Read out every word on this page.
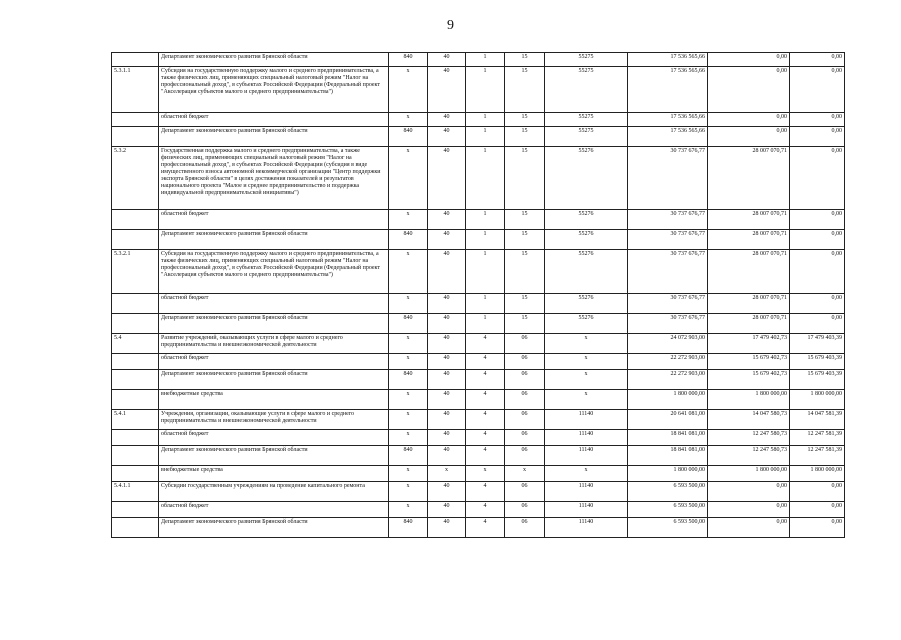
9
	Департамент экономического развития Брянской области	840	40	1	15	55275	17 536 565,66	0,00	0,00
5.3.1.1	Субсидия на государственную поддержку малого и среднего предпринимательства, а также физических лиц, применяющих специальный налоговый режим "Налог на профессиональный доход", в субъектах Российской Федерации (Федеральный проект "Акселерация субъектов малого и среднего предпринимательства")	x	40	1	15	55275	17 536 565,66	0,00	0,00
	областной бюджет	x	40	1	15	55275	17 536 565,66	0,00	0,00
	Департамент экономического развития Брянской области	840	40	1	15	55275	17 536 565,66	0,00	0,00
5.3.2	Государственная поддержка малого и среднего предпринимательства, а также физических лиц, применяющих специальный налоговый режим "Налог на профессиональный доход", в субъектах Российской Федерации (субсидия в виде имущественного взноса автономной некоммерческой организации "Центр поддержки экспорта Брянской области" в целях достижения показателей и результатов национального проекта "Малое и среднее предпринимательство и поддержка индивидуальной предпринимательской инициативы")	x	40	1	15	55276	30 737 676,77	28 007 070,71	0,00
	областной бюджет	x	40	1	15	55276	30 737 676,77	28 007 070,71	0,00
	Департамент экономического развития Брянской области	840	40	1	15	55276	30 737 676,77	28 007 070,71	0,00
5.3.2.1	Субсидия на государственную поддержку малого и среднего предпринимательства, а также физических лиц, применяющих специальный налоговый режим "Налог на профессиональный доход", в субъектах Российской Федерации (Федеральный проект "Акселерация субъектов малого и среднего предпринимательства")	x	40	1	15	55276	30 737 676,77	28 007 070,71	0,00
	областной бюджет	x	40	1	15	55276	30 737 676,77	28 007 070,71	0,00
	Департамент экономического развития Брянской области	840	40	1	15	55276	30 737 676,77	28 007 070,71	0,00
5.4	Развитие учреждений, оказывающих услуги в сфере малого и среднего предпринимательства и внешнеэкономической деятельности	x	40	4	06	x	24 072 903,00	17 479 402,73	17 479 403,39
	областной бюджет	x	40	4	06	x	22 272 903,00	15 679 402,73	15 679 403,39
	Департамент экономического развития Брянской области	840	40	4	06	x	22 272 903,00	15 679 402,73	15 679 403,39
	внебюджетные средства	x	40	4	06	x	1 800 000,00	1 800 000,00	1 800 000,00
5.4.1	Учреждения, организации, оказывающие услуги в сфере малого и среднего предпринимательства и внешнеэкономической деятельности	x	40	4	06	11140	20 641 081,00	14 047 580,73	14 047 581,39
	областной бюджет	x	40	4	06	11140	18 841 081,00	12 247 580,73	12 247 581,39
	Департамент экономического развития Брянской области	840	40	4	06	11140	18 841 081,00	12 247 580,73	12 247 581,39
	внебюджетные средства	x	x	x	x	x	1 800 000,00	1 800 000,00	1 800 000,00
5.4.1.1	Субсидии государственным учреждениям на проведение капитального ремонта	x	40	4	06	11140	6 593 500,00	0,00	0,00
	областной бюджет	x	40	4	06	11140	6 593 500,00	0,00	0,00
	Департамент экономического развития Брянской области	840	40	4	06	11140	6 593 500,00	0,00	0,00
